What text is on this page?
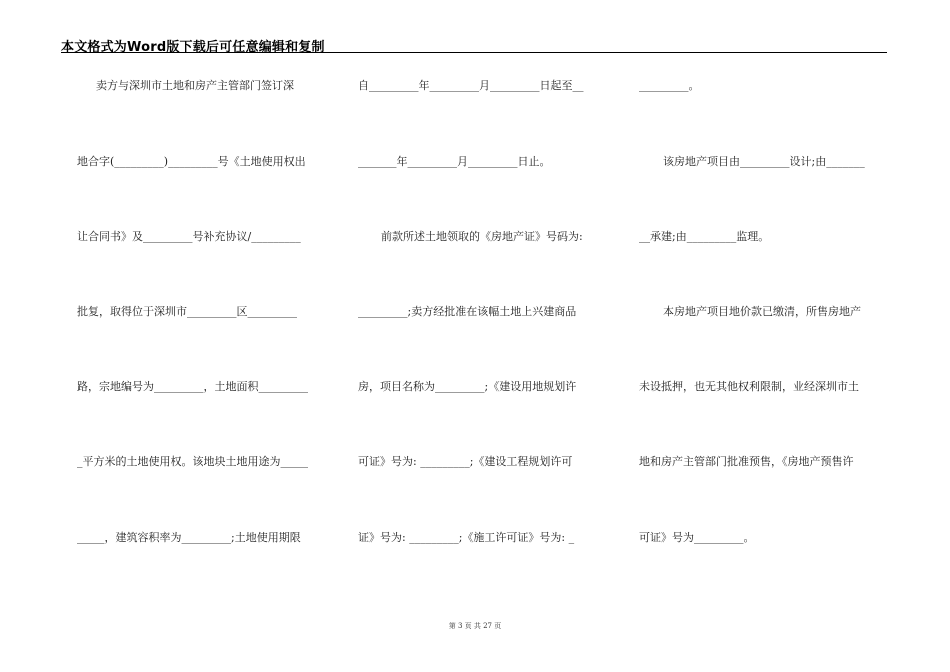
本文格式为Word版下载后可任意编辑和复制
卖方与深圳市土地和房产主管部门签订深
地合字(_________)_________号《土地使用权出
让合同书》及_________号补充协议/_________
批复，取得位于深圳市_________区_________
路，宗地编号为_________，土地面积_________
_平方米的土地使用权。该地块土地用途为_____
_____，建筑容积率为_________;土地使用期限
自_________年_________月_________日起至__
_______年_________月_________日止。
前款所述土地领取的《房地产证》号码为:
_________;卖方经批准在该幅土地上兴建商品
房，项目名称为_________;《建设用地规划许
可证》号为: _________;《建设工程规划许可
证》号为: _________;《施工许可证》号为: _
_________。
该房地产项目由_________设计;由_______
__承建;由_________监理。
本房地产项目地价款已缴清，所售房地产
未设抵押，也无其他权利限制，业经深圳市土
地和房产主管部门批准预售，《房地产预售许
可证》号为_________。
第 3 页 共 27 页
